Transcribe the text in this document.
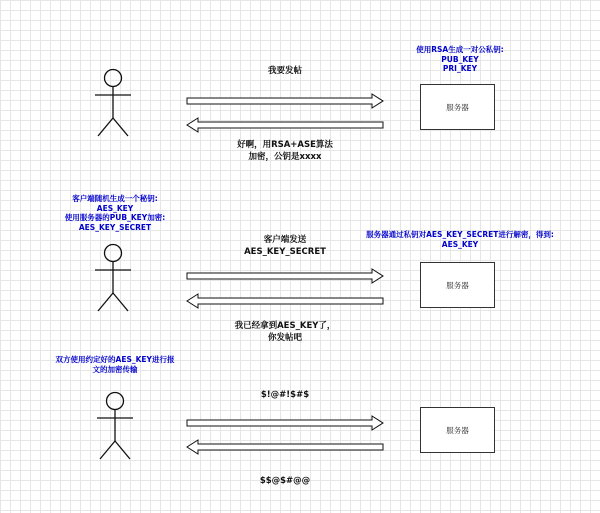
服务器
服务器
服务器
使用RSA生成一对公私钥:
PUB_KEY
PRI_KEY
我要发帖
好啊，用RSA+ASE算法
加密，公钥是xxxx
客户端随机生成一个秘钥:
AES_KEY
使用服务器的PUB_KEY加密:
AES_KEY_SECRET
服务器通过私钥对AES_KEY_SECRET进行解密，得到:
AES_KEY
客户端发送
AES_KEY_SECRET
我已经拿到AES_KEY了，
你发帖吧
双方使用约定好的AES_KEY进行报
文的加密传输
$!@#!$#$
$$@$#@@
